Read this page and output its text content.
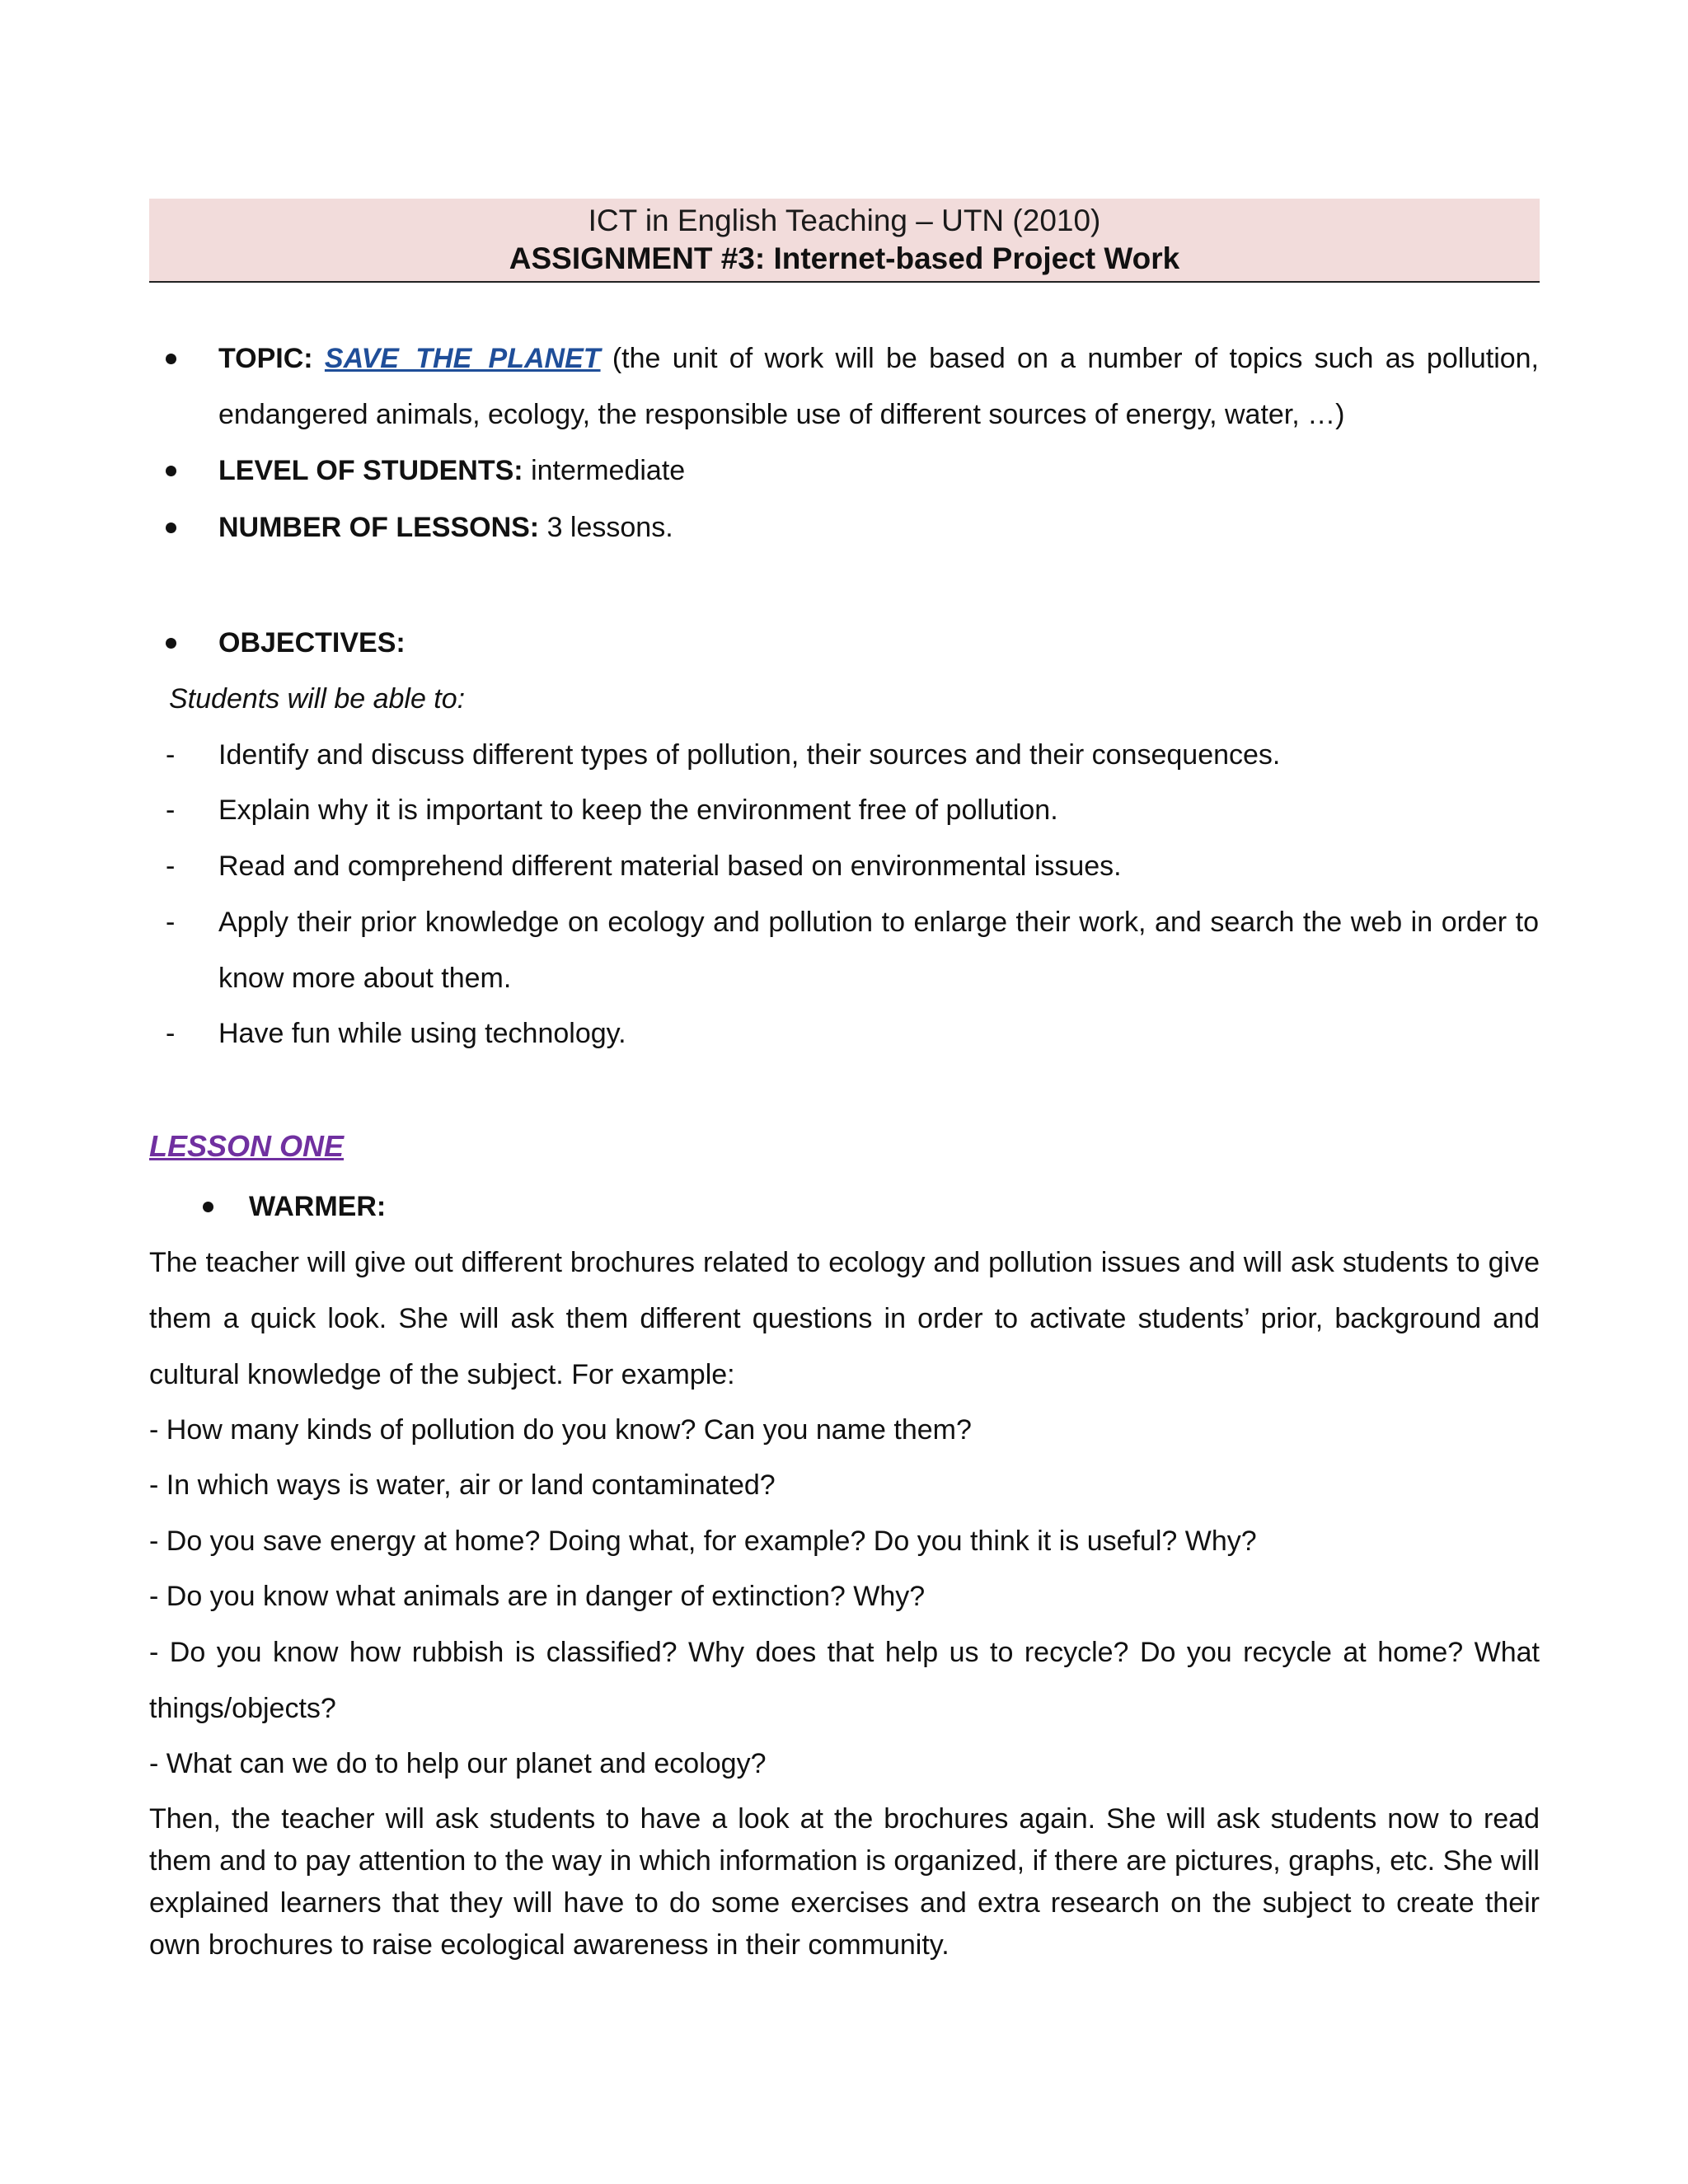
ICT in English Teaching – UTN (2010)
ASSIGNMENT #3: Internet-based Project Work
TOPIC: SAVE THE PLANET (the unit of work will be based on a number of topics such as pollution, endangered animals, ecology, the responsible use of different sources of energy, water, …)
LEVEL OF STUDENTS: intermediate
NUMBER OF LESSONS: 3 lessons.
OBJECTIVES:
Students will be able to:
- Identify and discuss different types of pollution, their sources and their consequences.
- Explain why it is important to keep the environment free of pollution.
- Read and comprehend different material based on environmental issues.
- Apply their prior knowledge on ecology and pollution to enlarge their work, and search the web in order to know more about them.
- Have fun while using technology.
LESSON ONE
WARMER:
The teacher will give out different brochures related to ecology and pollution issues and will ask students to give them a quick look. She will ask them different questions in order to activate students’ prior, background and cultural knowledge of the subject. For example:
- How many kinds of pollution do you know? Can you name them?
- In which ways is water, air or land contaminated?
- Do you save energy at home? Doing what, for example? Do you think it is useful? Why?
- Do you know what animals are in danger of extinction? Why?
- Do you know how rubbish is classified? Why does that help us to recycle? Do you recycle at home? What things/objects?
- What can we do to help our planet and ecology?
Then, the teacher will ask students to have a look at the brochures again. She will ask students now to read them and to pay attention to the way in which information is organized, if there are pictures, graphs, etc. She will explained learners that they will have to do some exercises and extra research on the subject to create their own brochures to raise ecological awareness in their community.
